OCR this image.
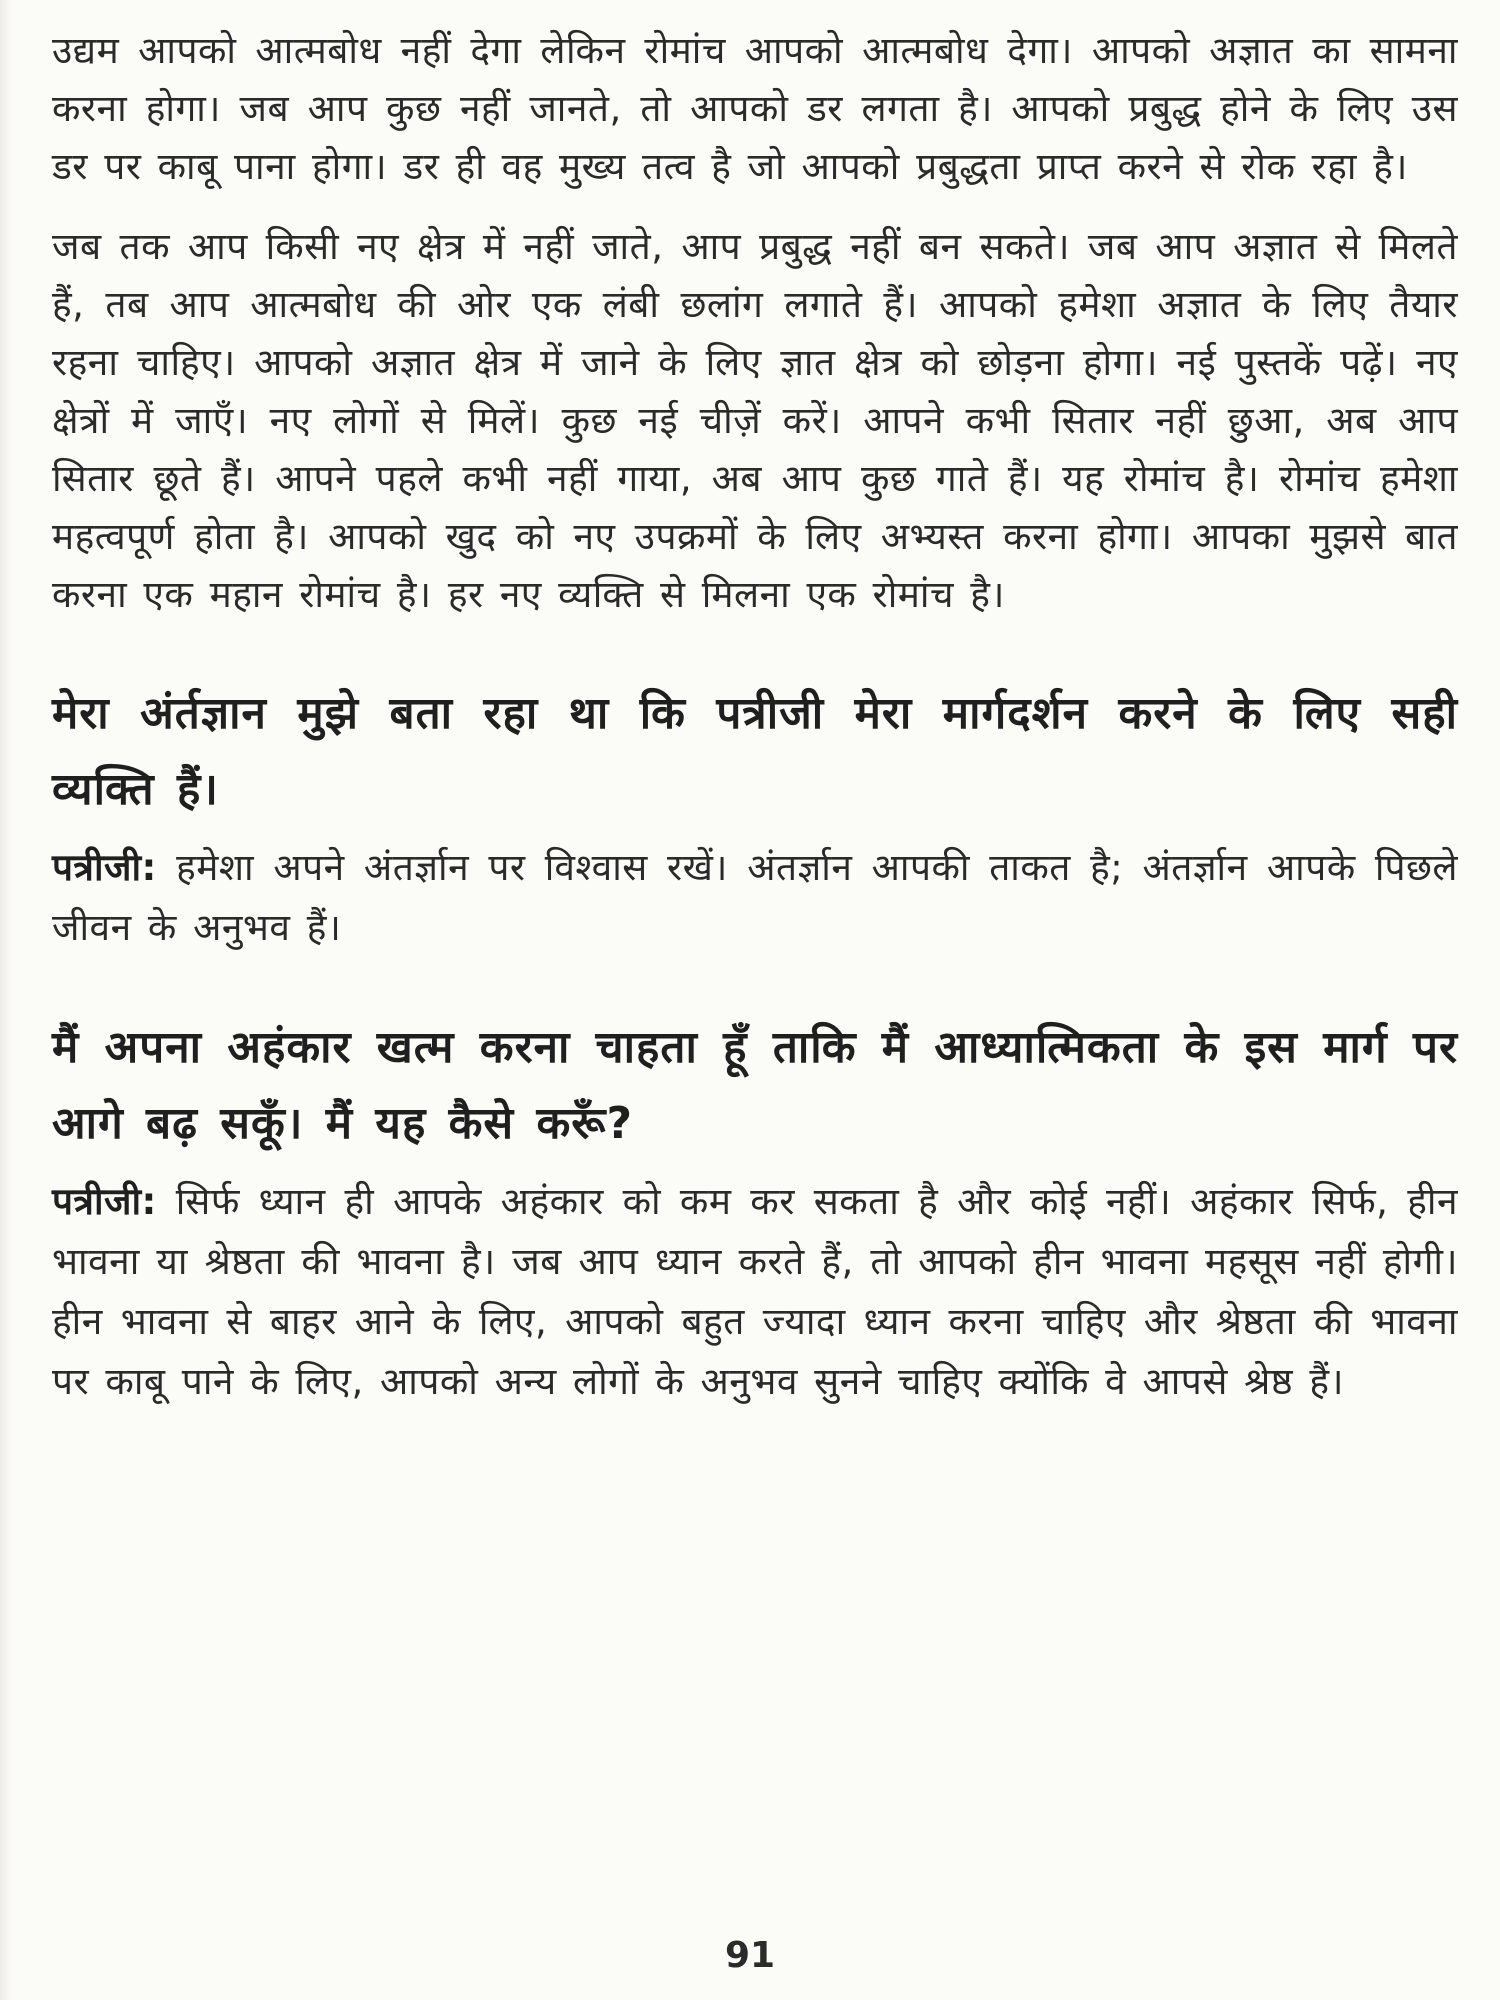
उद्यम आपको आत्मबोध नहीं देगा लेकिन रोमांच आपको आत्मबोध देगा। आपको अज्ञात का सामना करना होगा। जब आप कुछ नहीं जानते, तो आपको डर लगता है। आपको प्रबुद्ध होने के लिए उस डर पर काबू पाना होगा। डर ही वह मुख्य तत्व है जो आपको प्रबुद्धता प्राप्त करने से रोक रहा है।

जब तक आप किसी नए क्षेत्र में नहीं जाते, आप प्रबुद्ध नहीं बन सकते। जब आप अज्ञात से मिलते हैं, तब आप आत्मबोध की ओर एक लंबी छलांग लगाते हैं। आपको हमेशा अज्ञात के लिए तैयार रहना चाहिए। आपको अज्ञात क्षेत्र में जाने के लिए ज्ञात क्षेत्र को छोड़ना होगा। नई पुस्तकें पढ़ें। नए क्षेत्रों में जाएँ। नए लोगों से मिलें। कुछ नई चीज़ें करें। आपने कभी सितार नहीं छुआ, अब आप सितार छूते हैं। आपने पहले कभी नहीं गाया, अब आप कुछ गाते हैं। यह रोमांच है। रोमांच हमेशा महत्वपूर्ण होता है। आपको खुद को नए उपक्रमों के लिए अभ्यस्त करना होगा। आपका मुझसे बात करना एक महान रोमांच है। हर नए व्यक्ति से मिलना एक रोमांच है।

मेरा अंर्तज्ञान मुझे बता रहा था कि पत्रीजी मेरा मार्गदर्शन करने के लिए सही व्यक्ति हैं।

पत्रीजी: हमेशा अपने अंतर्ज्ञान पर विश्वास रखें। अंतर्ज्ञान आपकी ताकत है; अंतर्ज्ञान आपके पिछले जीवन के अनुभव हैं।

मैं अपना अहंकार खत्म करना चाहता हूँ ताकि मैं आध्यात्मिकता के इस मार्ग पर आगे बढ़ सकूँ। मैं यह कैसे करूँ?

पत्रीजी: सिर्फ ध्यान ही आपके अहंकार को कम कर सकता है और कोई नहीं। अहंकार सिर्फ, हीन भावना या श्रेष्ठता की भावना है। जब आप ध्यान करते हैं, तो आपको हीन भावना महसूस नहीं होगी। हीन भावना से बाहर आने के लिए, आपको बहुत ज्यादा ध्यान करना चाहिए और श्रेष्ठता की भावना पर काबू पाने के लिए, आपको अन्य लोगों के अनुभव सुनने चाहिए क्योंकि वे आपसे श्रेष्ठ हैं।

91
